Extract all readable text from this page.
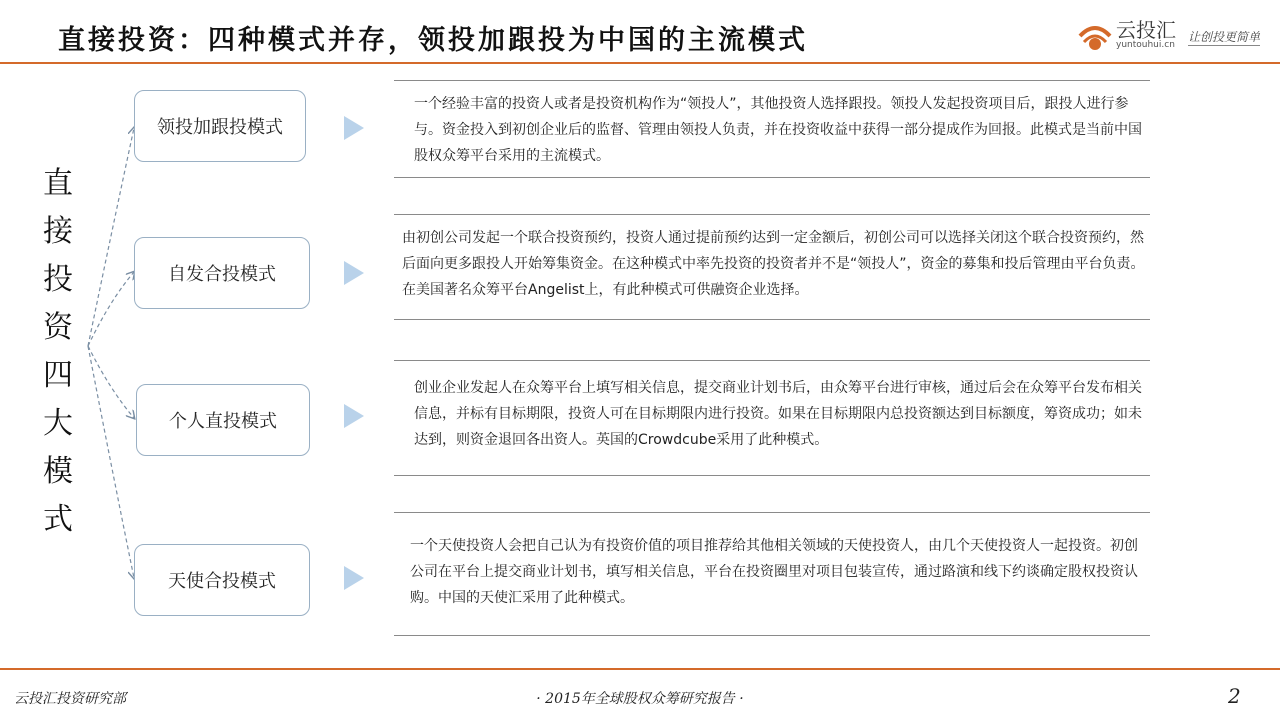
直接投资：四种模式并存，领投加跟投为中国的主流模式	云投汇
yuntouhui.cn
让创投更简单
直
接
投
资
四
大
模
式
领投加跟投模式
自发合投模式
个人直投模式
天使合投模式

一个经验丰富的投资人或者是投资机构作为“领投人”，其他投资人选择跟投。领投人发起投资项目后，跟投人进行参与。资金投入到初创企业后的监督、管理由领投人负责，并在投资收益中获得一部分提成作为回报。此模式是当前中国股权众筹平台采用的主流模式。

由初创公司发起一个联合投资预约，投资人通过提前预约达到一定金额后，初创公司可以选择关闭这个联合投资预约，然后面向更多跟投人开始筹集资金。在这种模式中率先投资的投资者并不是“领投人”，资金的募集和投后管理由平台负责。在美国著名众筹平台Angelist上，有此种模式可供融资企业选择。

创业企业发起人在众筹平台上填写相关信息，提交商业计划书后，由众筹平台进行审核，通过后会在众筹平台发布相关信息，并标有目标期限，投资人可在目标期限内进行投资。如果在目标期限内总投资额达到目标额度，筹资成功；如未达到，则资金退回各出资人。英国的Crowdcube采用了此种模式。

一个天使投资人会把自己认为有投资价值的项目推荐给其他相关领域的天使投资人，由几个天使投资人一起投资。初创公司在平台上提交商业计划书，填写相关信息，平台在投资圈里对项目包装宣传，通过路演和线下约谈确定股权投资认购。中国的天使汇采用了此种模式。

云投汇投资研究部	· 2015年全球股权众筹研究报告 ·	2
